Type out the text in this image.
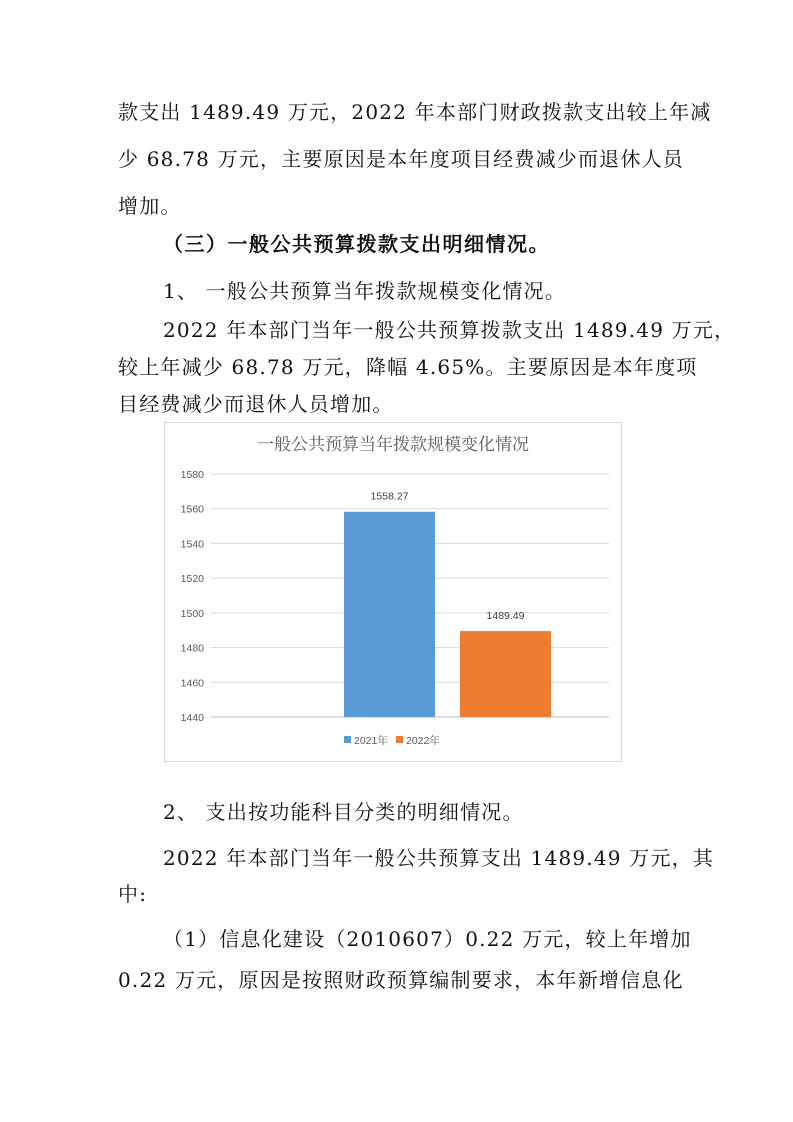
款支出 1489.49 万元，2022 年本部门财政拨款支出较上年减
少 68.78 万元，主要原因是本年度项目经费减少而退休人员
增加。
（三）一般公共预算拨款支出明细情况。
1、 一般公共预算当年拨款规模变化情况。
2022 年本部门当年一般公共预算拨款支出 1489.49 万元，
较上年减少 68.78 万元，降幅 4.65%。主要原因是本年度项
目经费减少而退休人员增加。
一般公共预算当年拨款规模变化情况
1440
1460
1480
1500
1520
1540
1560
1580
1558.27
1489.49
2021年 2022年
2、 支出按功能科目分类的明细情况。
2022 年本部门当年一般公共预算支出 1489.49 万元，其
中:
（1）信息化建设（2010607）0.22 万元，较上年增加
0.22 万元，原因是按照财政预算编制要求，本年新增信息化
